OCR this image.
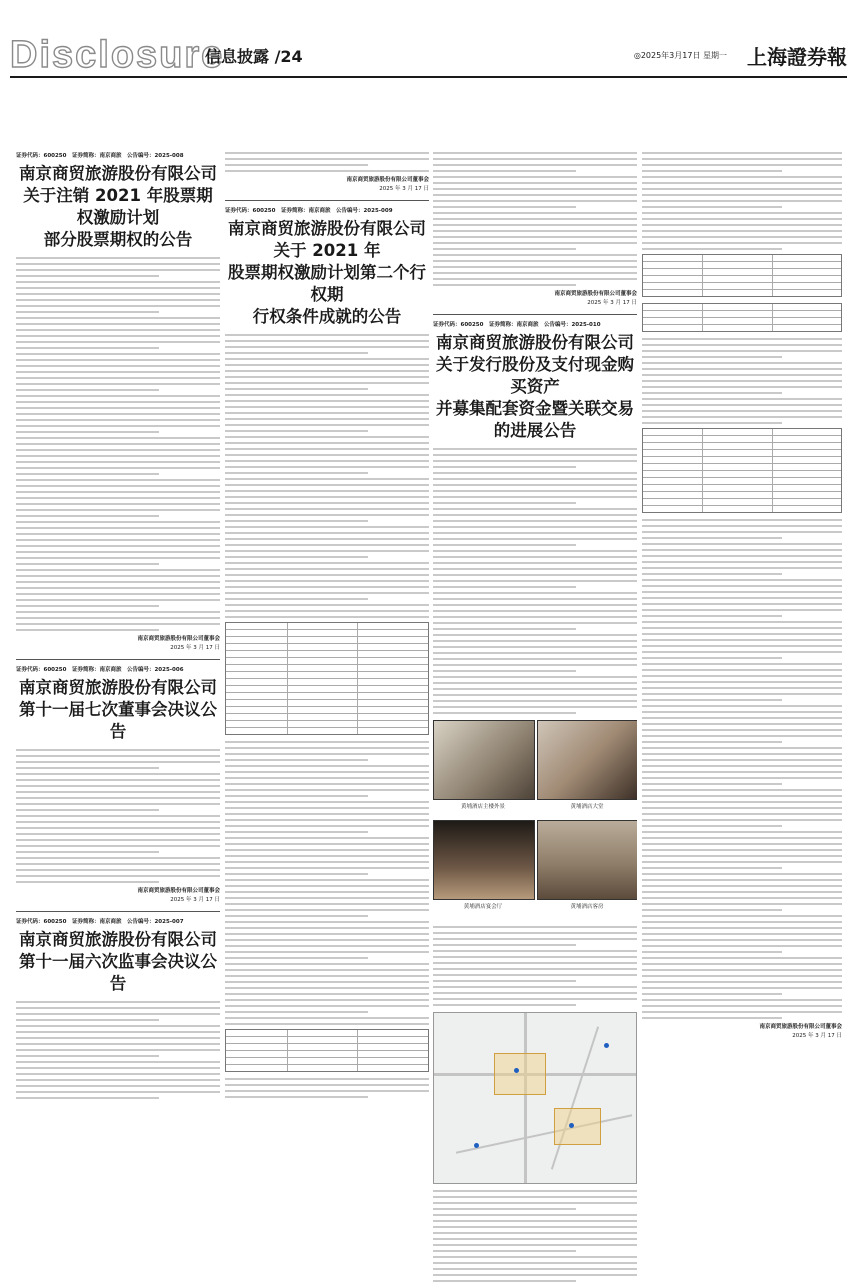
Disclosure
信息披露 /24	◎2025年3月17日 星期一 上海證券報

证券代码：600250　证券简称：南京商旅　公告编号：2025-008

南京商贸旅游股份有限公司
关于注销 2021 年股票期权激励计划
部分股票期权的公告

南京商贸旅游股份有限公司董事会

2025 年 3 月 17 日

证券代码：600250　证券简称：南京商旅　公告编号：2025-006

南京商贸旅游股份有限公司
第十一届七次董事会决议公告

南京商贸旅游股份有限公司董事会

2025 年 3 月 17 日

证券代码：600250　证券简称：南京商旅　公告编号：2025-007

南京商贸旅游股份有限公司
第十一届六次监事会决议公告

南京商贸旅游股份有限公司董事会

2025 年 3 月 17 日

证券代码：600250　证券简称：南京商旅　公告编号：2025-009

南京商贸旅游股份有限公司关于 2021 年
股票期权激励计划第二个行权期
行权条件成就的公告

南京商贸旅游股份有限公司董事会

2025 年 3 月 17 日

证券代码：600250　证券简称：南京商旅　公告编号：2025-010

南京商贸旅游股份有限公司
关于发行股份及支付现金购买资产
并募集配套资金暨关联交易的进展公告
黄埔酒店主楼外景	黄埔酒店大堂
黄埔酒店宴会厅	黄埔酒店客房

南京商贸旅游股份有限公司董事会

2025 年 3 月 17 日
